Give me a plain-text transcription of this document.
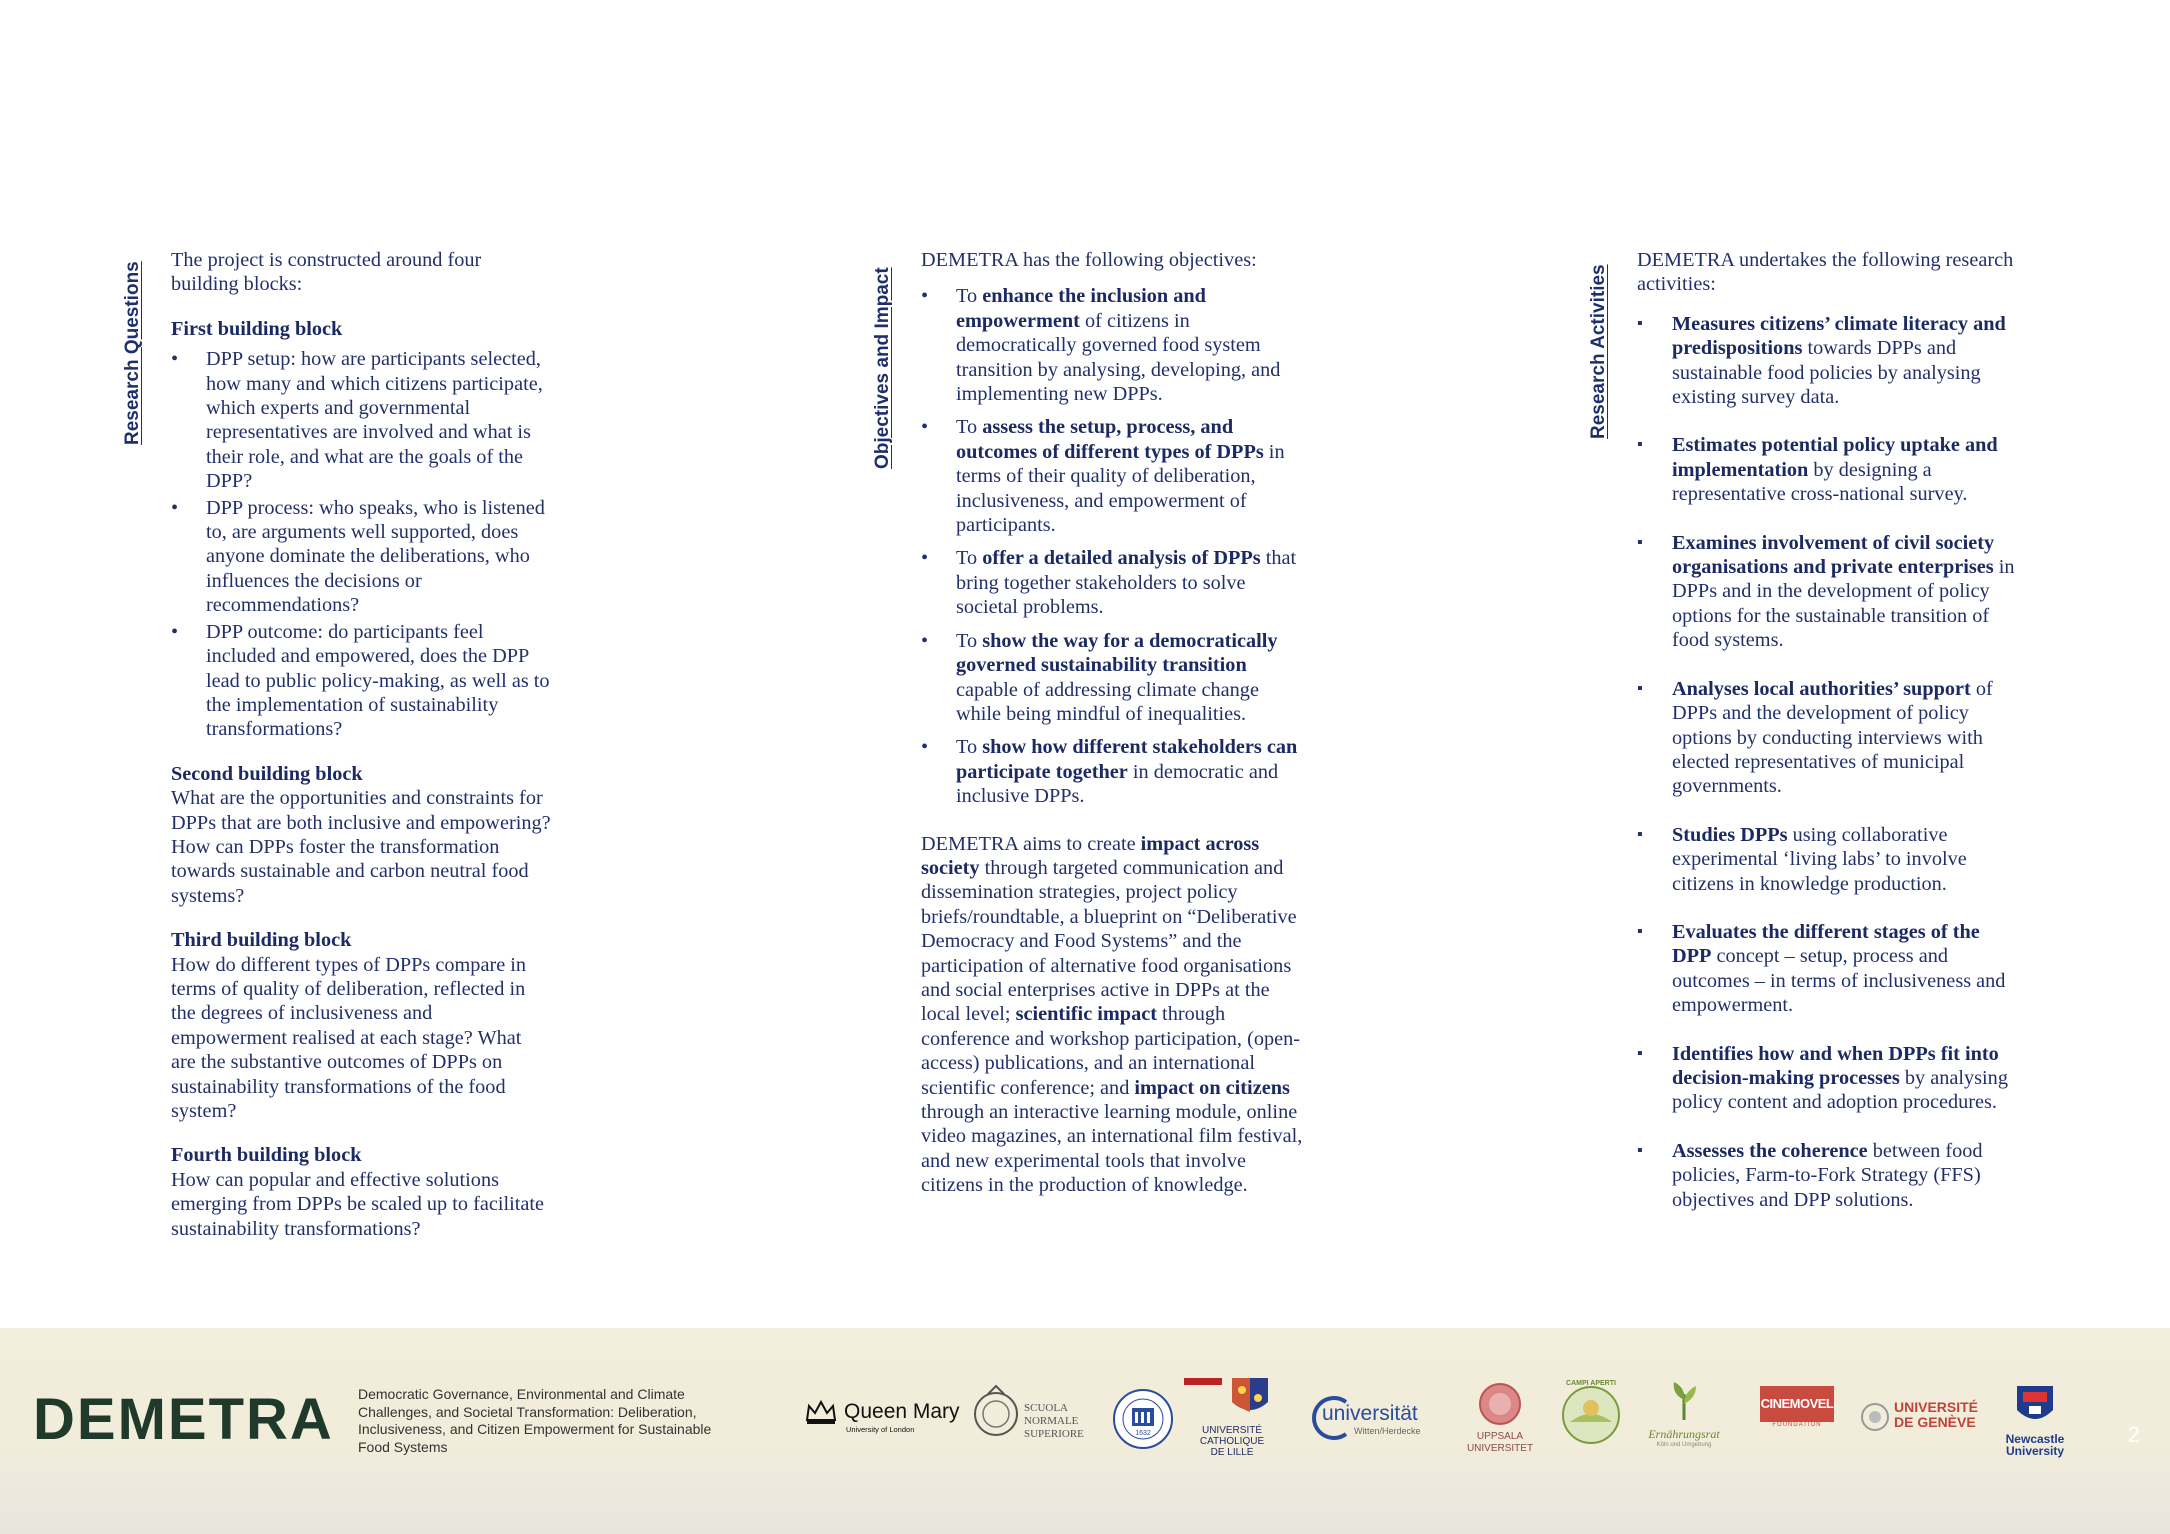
Research Questions

The project is constructed around four building blocks:

First building block
• DPP setup: how are participants selected, how many and which citizens participate, which experts and governmental representatives are involved and what is their role, and what are the goals of the DPP?
• DPP process: who speaks, who is listened to, are arguments well supported, does anyone dominate the deliberations, who influences the decisions or recommendations?
• DPP outcome: do participants feel included and empowered, does the DPP lead to public policy-making, as well as to the implementation of sustainability transformations?
Second building block

What are the opportunities and constraints for DPPs that are both inclusive and empowering? How can DPPs foster the transformation towards sustainable and carbon neutral food systems?

Third building block

How do different types of DPPs compare in terms of quality of deliberation, reflected in the degrees of inclusiveness and empowerment realised at each stage? What are the substantive outcomes of DPPs on sustainability transformations of the food system?

Fourth building block

How can popular and effective solutions emerging from DPPs be scaled up to facilitate sustainability transformations?

Objectives and Impact

DEMETRA has the following objectives:

• To enhance the inclusion and empowerment of citizens in democratically governed food system transition by analysing, developing, and implementing new DPPs.
• To assess the setup, process, and outcomes of different types of DPPs in terms of their quality of deliberation, inclusiveness, and empowerment of participants.
• To offer a detailed analysis of DPPs that bring together stakeholders to solve societal problems.
• To show the way for a democratically governed sustainability transition capable of addressing climate change while being mindful of inequalities.
• To show how different stakeholders can participate together in democratic and inclusive DPPs.

DEMETRA aims to create impact across society through targeted communication and dissemination strategies, project policy briefs/roundtable, a blueprint on “Deliberative Democracy and Food Systems” and the participation of alternative food organisations and social enterprises active in DPPs at the local level; scientific impact through conference and workshop participation, (open-access) publications, and an international scientific conference; and impact on citizens through an interactive learning module, online video magazines, an international film festival, and new experimental tools that involve citizens in the production of knowledge.

Research Activities

DEMETRA undertakes the following research activities:

▪ Measures citizens’ climate literacy and predispositions towards DPPs and sustainable food policies by analysing existing survey data.
▪ Estimates potential policy uptake and implementation by designing a representative cross-national survey.
▪ Examines involvement of civil society organisations and private enterprises in DPPs and in the development of policy options for the sustainable transition of food systems.
▪ Analyses local authorities’ support of DPPs and the development of policy options by conducting interviews with elected representatives of municipal governments.
▪ Studies DPPs using collaborative experimental ‘living labs’ to involve citizens in knowledge production.
▪ Evaluates the different stages of the DPP concept – setup, process and outcomes – in terms of inclusiveness and empowerment.
▪ Identifies how and when DPPs fit into decision-making processes by analysing policy content and adoption procedures.
▪ Assesses the coherence between food policies, Farm-to-Fork Strategy (FFS) objectives and DPP solutions.
DEMETRA Democratic Governance, Environmental and Climate Challenges, and Societal Transformation: Deliberation, Inclusiveness, and Citizen Empowerment for Sustainable Food Systems
Queen Mary
University of London
SCUOLA
NORMALE
SUPERIORE	1632	UNIVERSITÉ
CATHOLIQUE
DE LILLE
universität
Witten/Herdecke	UPPSALA
UNIVERSITET
CAMPI APERTI
Ernährungsrat
Köln und Umgebung
CINEMOVEL
FOUNDATION
UNIVERSITÉ
DE GENÈVE
Newcastle
University
2
